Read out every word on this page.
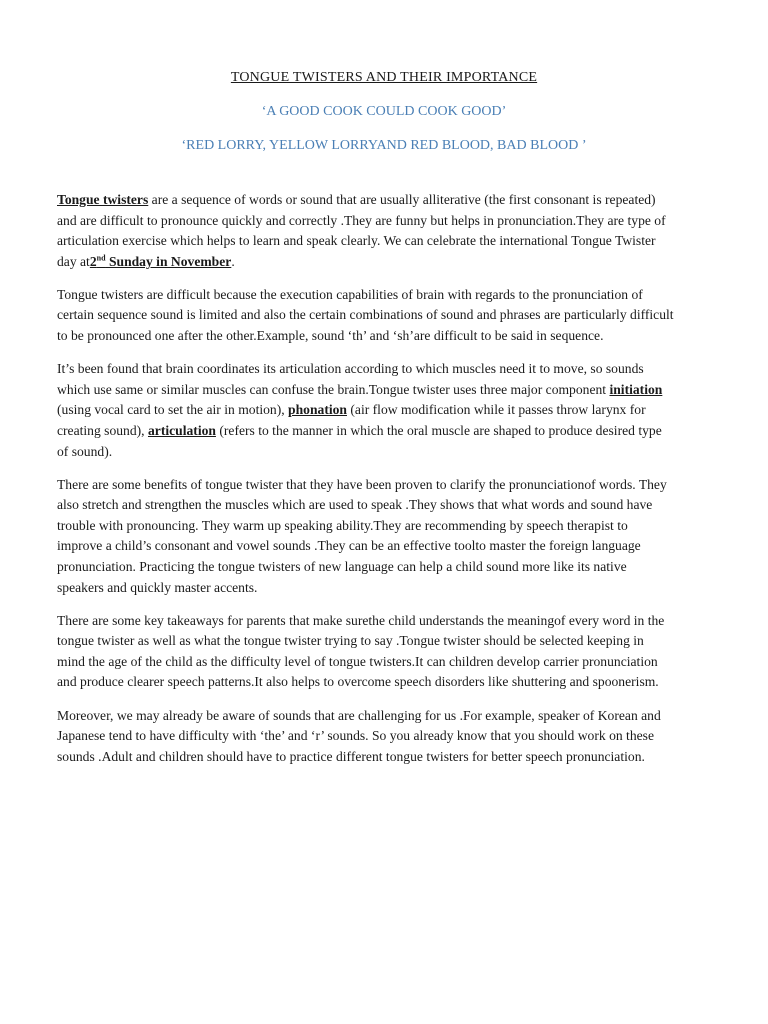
TONGUE TWISTERS AND THEIR IMPORTANCE
‘A GOOD COOK COULD COOK GOOD’
‘RED LORRY, YELLOW LORRYAND RED BLOOD, BAD BLOOD ’

Tongue twisters are a sequence of words or sound that are usually alliterative (the first consonant is repeated) and are difficult to pronounce quickly and correctly .They are funny but helps in pronunciation.They are type of articulation exercise which helps to learn and speak clearly. We can celebrate the international Tongue Twister day at2nd Sunday in November.

Tongue twisters are difficult because the execution capabilities of brain with regards to the pronunciation of certain sequence sound is limited and also the certain combinations of sound and phrases are particularly difficult to be pronounced one after the other.Example, sound ‘th’ and ‘sh’are difficult to be said in sequence.

It’s been found that brain coordinates its articulation according to which muscles need it to move, so sounds which use same or similar muscles can confuse the brain.Tongue twister uses three major component initiation (using vocal card to set the air in motion), phonation (air flow modification while it passes throw larynx for creating sound), articulation (refers to the manner in which the oral muscle are shaped to produce desired type of sound).

There are some benefits of tongue twister that they have been proven to clarify the pronunciationof words. They also stretch and strengthen the muscles which are used to speak .They shows that what words and sound have trouble with pronouncing. They warm up speaking ability.They are recommending by speech therapist to improve a child’s consonant and vowel sounds .They can be an effective toolto master the foreign language pronunciation. Practicing the tongue twisters of new language can help a child sound more like its native speakers and quickly master accents.

There are some key takeaways for parents that make surethe child understands the meaningof every word in the tongue twister as well as what the tongue twister trying to say .Tongue twister should be selected keeping in mind the age of the child as the difficulty level of tongue twisters.It can children develop carrier pronunciation and produce clearer speech patterns.It also helps to overcome speech disorders like shuttering and spoonerism.

Moreover, we may already be aware of sounds that are challenging for us .For example, speaker of Korean and Japanese tend to have difficulty with ‘the’ and ‘r’ sounds. So you already know that you should work on these sounds .Adult and children should have to practice different tongue twisters for better speech pronunciation.
